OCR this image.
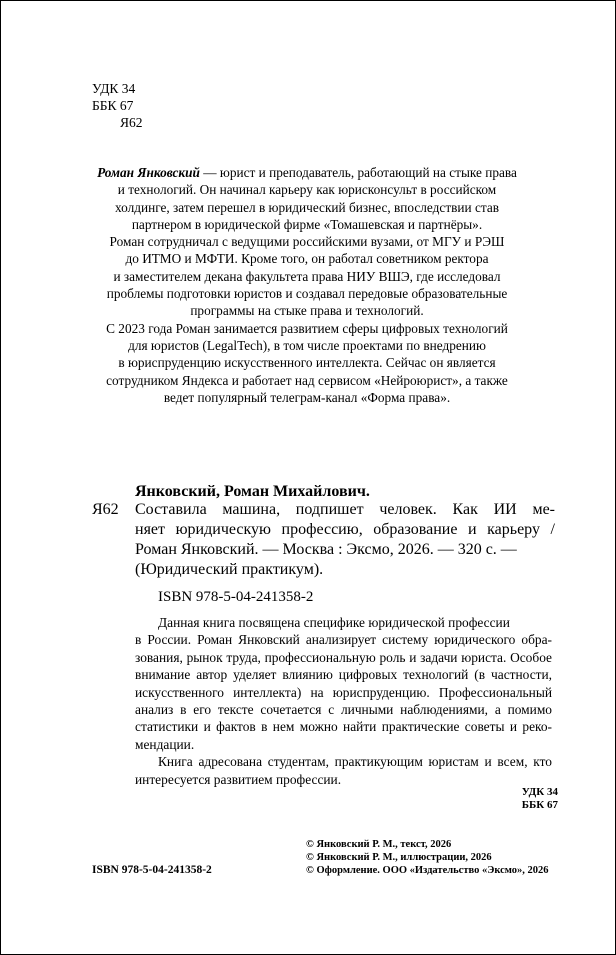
УДК 34
ББК 67
Я62
Роман Янковский — юрист и преподаватель, работающий на стыке права
и технологий. Он начинал карьеру как юрисконсульт в российском
холдинге, затем перешел в юридический бизнес, впоследствии став
партнером в юридической фирме «Томашевская и партнёры».
Роман сотрудничал с ведущими российскими вузами, от МГУ и РЭШ
до ИТМО и МФТИ. Кроме того, он работал советником ректора
и заместителем декана факультета права НИУ ВШЭ, где исследовал
проблемы подготовки юристов и создавал передовые образовательные
программы на стыке права и технологий.
С 2023 года Роман занимается развитием сферы цифровых технологий
для юристов (LegalTech), в том числе проектами по внедрению
в юриспруденцию искусственного интеллекта. Сейчас он является
сотрудником Яндекса и работает над сервисом «Нейроюрист», а также
ведет популярный телеграм-канал «Форма права».
Янковский, Роман Михайлович.
Я62 Составила машина, подпишет человек. Как ИИ ме-
няет юридическую профессию, образование и карьеру /
Роман Янковский. — Москва : Эксмо, 2026. — 320 с. —
(Юридический практикум).
ISBN 978-5-04-241358-2
Данная книга посвящена специфике юридической профессии
в России. Роман Янковский анализирует систему юридического обра-
зования, рынок труда, профессиональную роль и задачи юриста. Особое
внимание автор уделяет влиянию цифровых технологий (в частности,
искусственного интеллекта) на юриспруденцию. Профессиональный
анализ в его тексте сочетается с личными наблюдениями, а помимо
статистики и фактов в нем можно найти практические советы и реко-
мендации.
Книга адресована студентам, практикующим юристам и всем, кто
интересуется развитием профессии.
УДК 34
ББК 67
© Янковский Р. М., текст, 2026
© Янковский Р. М., иллюстрации, 2026
© Оформление. ООО «Издательство «Эксмо», 2026
ISBN 978-5-04-241358-2
